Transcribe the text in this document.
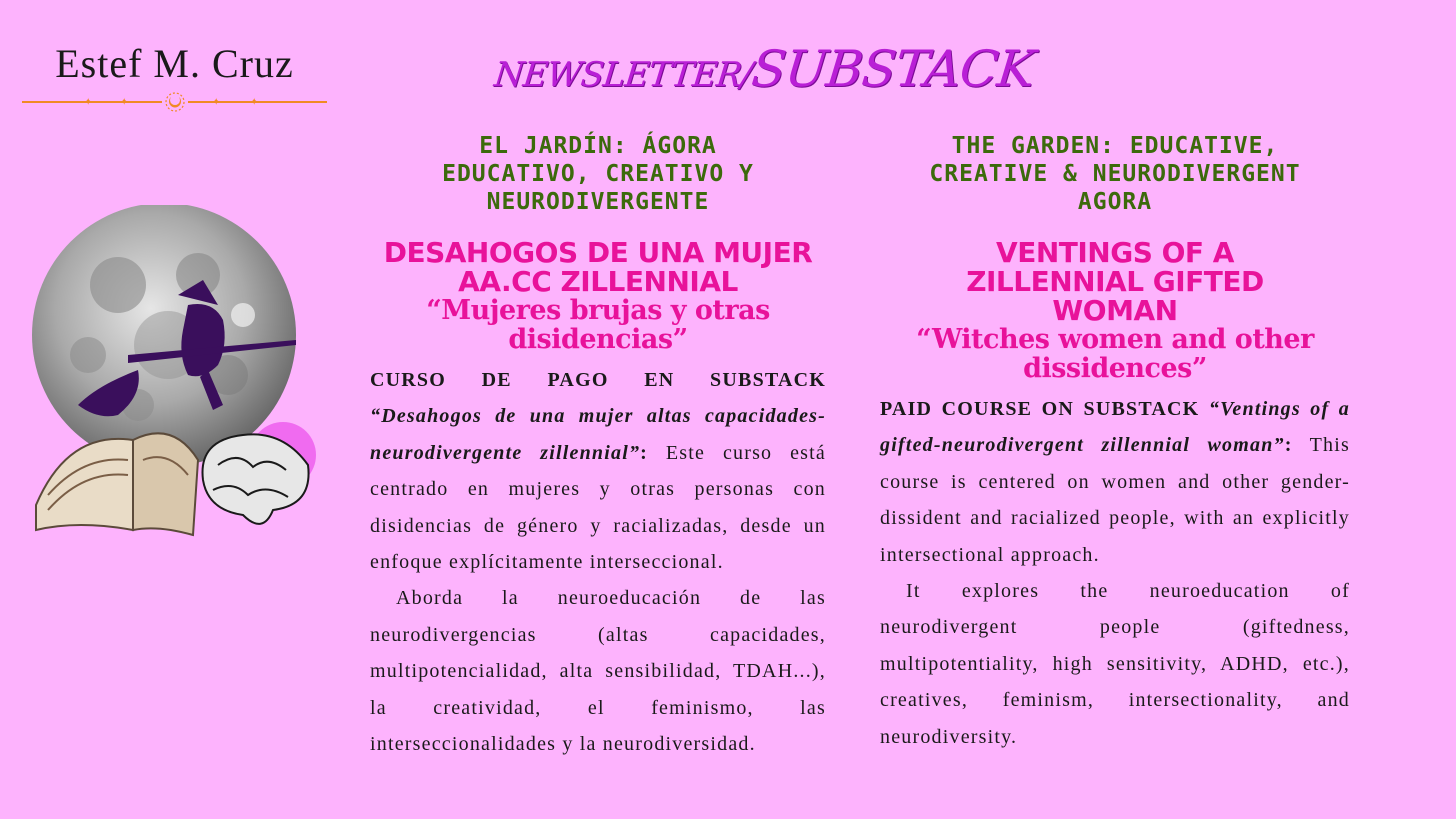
Estef M. Cruz
✦	✦	✦	✦
NEWSLETTER/SUBSTACK
EL JARDÍN: ÁGORA EDUCATIVO, CREATIVO Y NEURODIVERGENTE
DESAHOGOS DE UNA MUJER AA.CC ZILLENNIAL
“Mujeres brujas y otras disidencias”

CURSO DE PAGO EN SUBSTACK “Desahogos de una mujer altas capacidades-neurodivergente zillennial”: Este curso está centrado en mujeres y otras personas con disidencias de género y racializadas, desde un enfoque explícitamente interseccional.

Aborda la neuroeducación de las neurodivergencias (altas capacidades, multipotencialidad, alta sensibilidad, TDAH...), la creatividad, el feminismo, las interseccionalidades y la neurodiversidad.

THE GARDEN: EDUCATIVE, CREATIVE & NEURODIVERGENT AGORA
VENTINGS OF A ZILLENNIAL GIFTED WOMAN
“Witches women and other dissidences”

PAID COURSE ON SUBSTACK “Ventings of a gifted-neurodivergent zillennial woman”: This course is centered on women and other gender-dissident and racialized people, with an explicitly intersectional approach.

It explores the neuroeducation of neurodivergent people (giftedness, multipotentiality, high sensitivity, ADHD, etc.), creatives, feminism, intersectionality, and neurodiversity.
